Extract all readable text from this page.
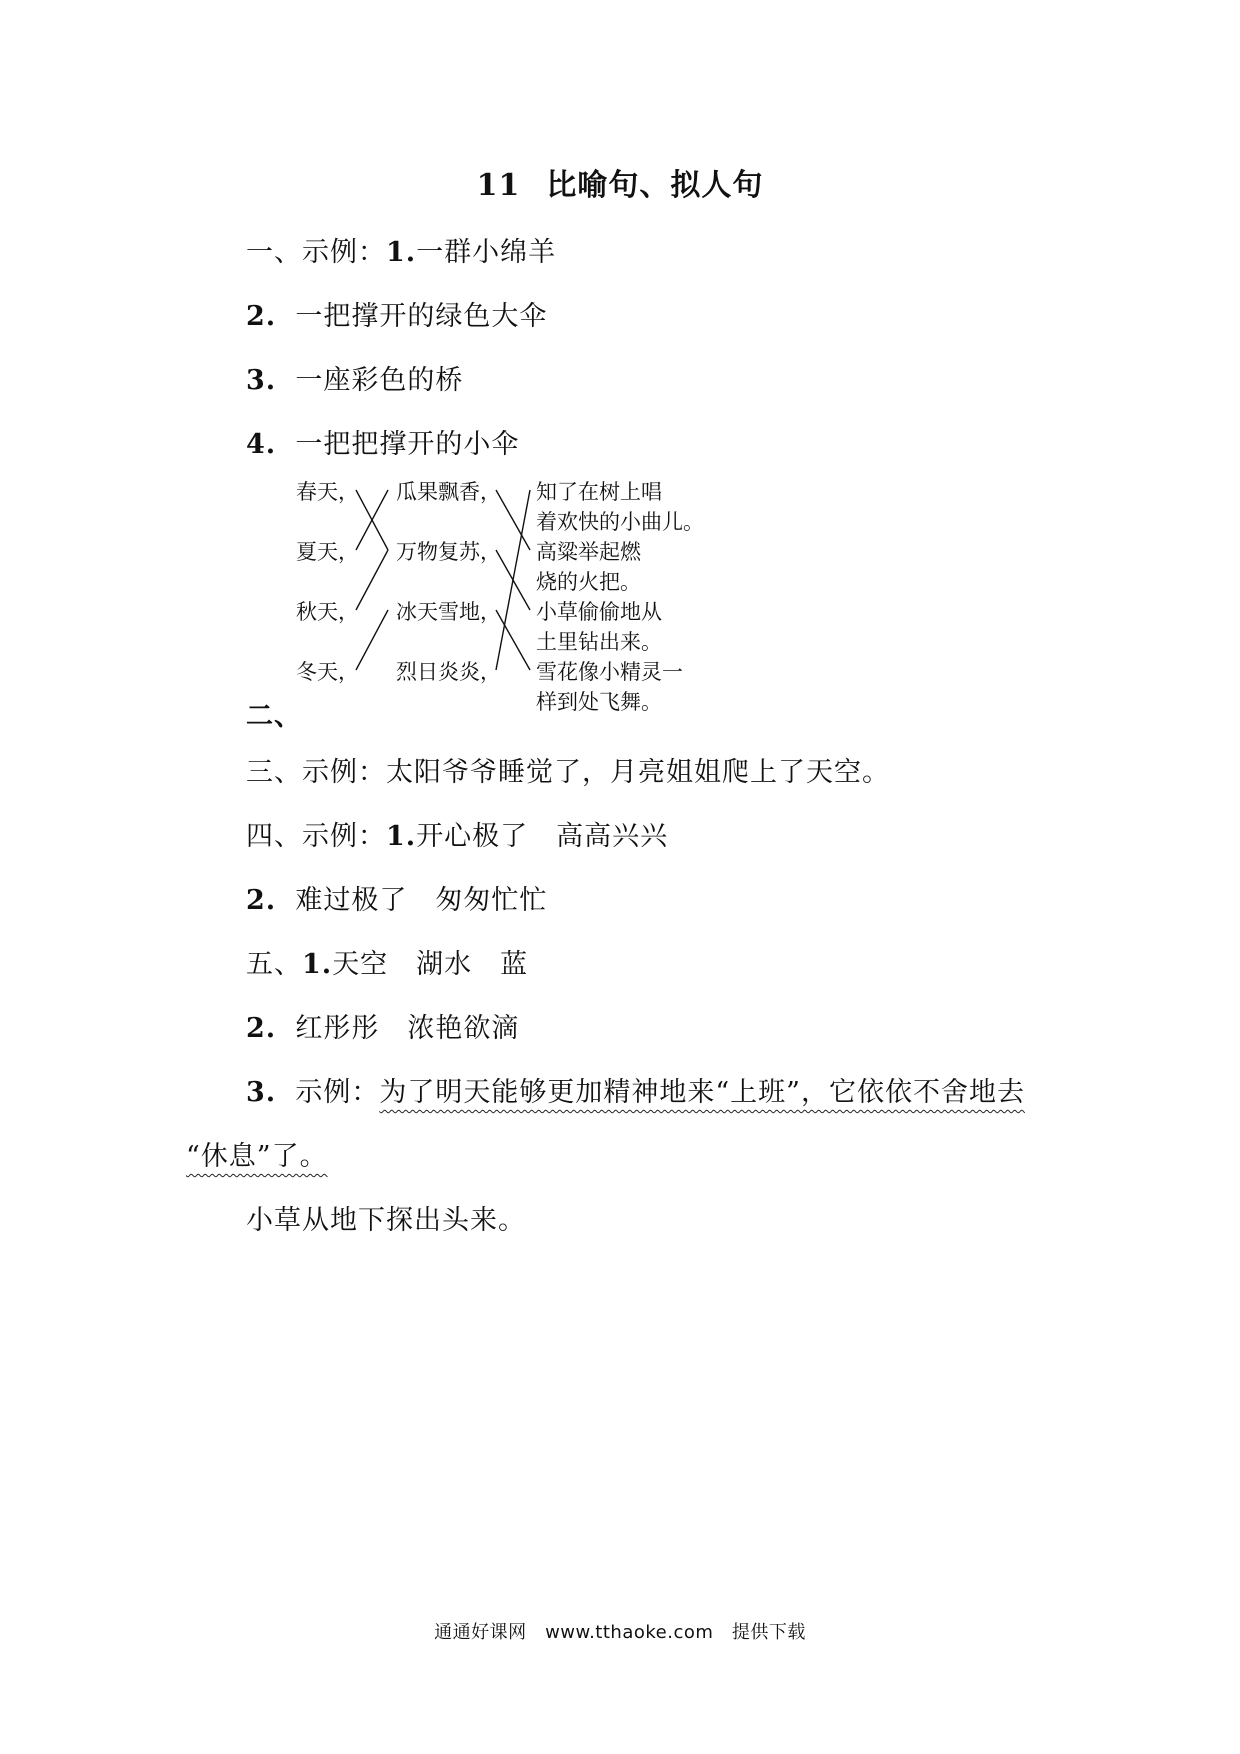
11 比喻句、拟人句
一、示例：1.一群小绵羊
2. 一把撑开的绿色大伞
3. 一座彩色的桥
4. 一把把撑开的小伞
春天，
夏天，
秋天，
冬天，
瓜果飘香，
万物复苏，
冰天雪地，
烈日炎炎，
知了在树上唱
着欢快的小曲儿。
高粱举起燃
烧的火把。
小草偷偷地从
土里钻出来。
雪花像小精灵一
样到处飞舞。
二、
三、示例：太阳爷爷睡觉了，月亮姐姐爬上了天空。
四、示例：1.开心极了　高高兴兴
2. 难过极了　匆匆忙忙
五、1.天空　湖水　蓝
2. 红彤彤　浓艳欲滴
3. 示例：为了明天能够更加精神地来“上班”，它依依不舍地去
“休息”了。
小草从地下探出头来。
通通好课网　www.tthaoke.com　提供下载
